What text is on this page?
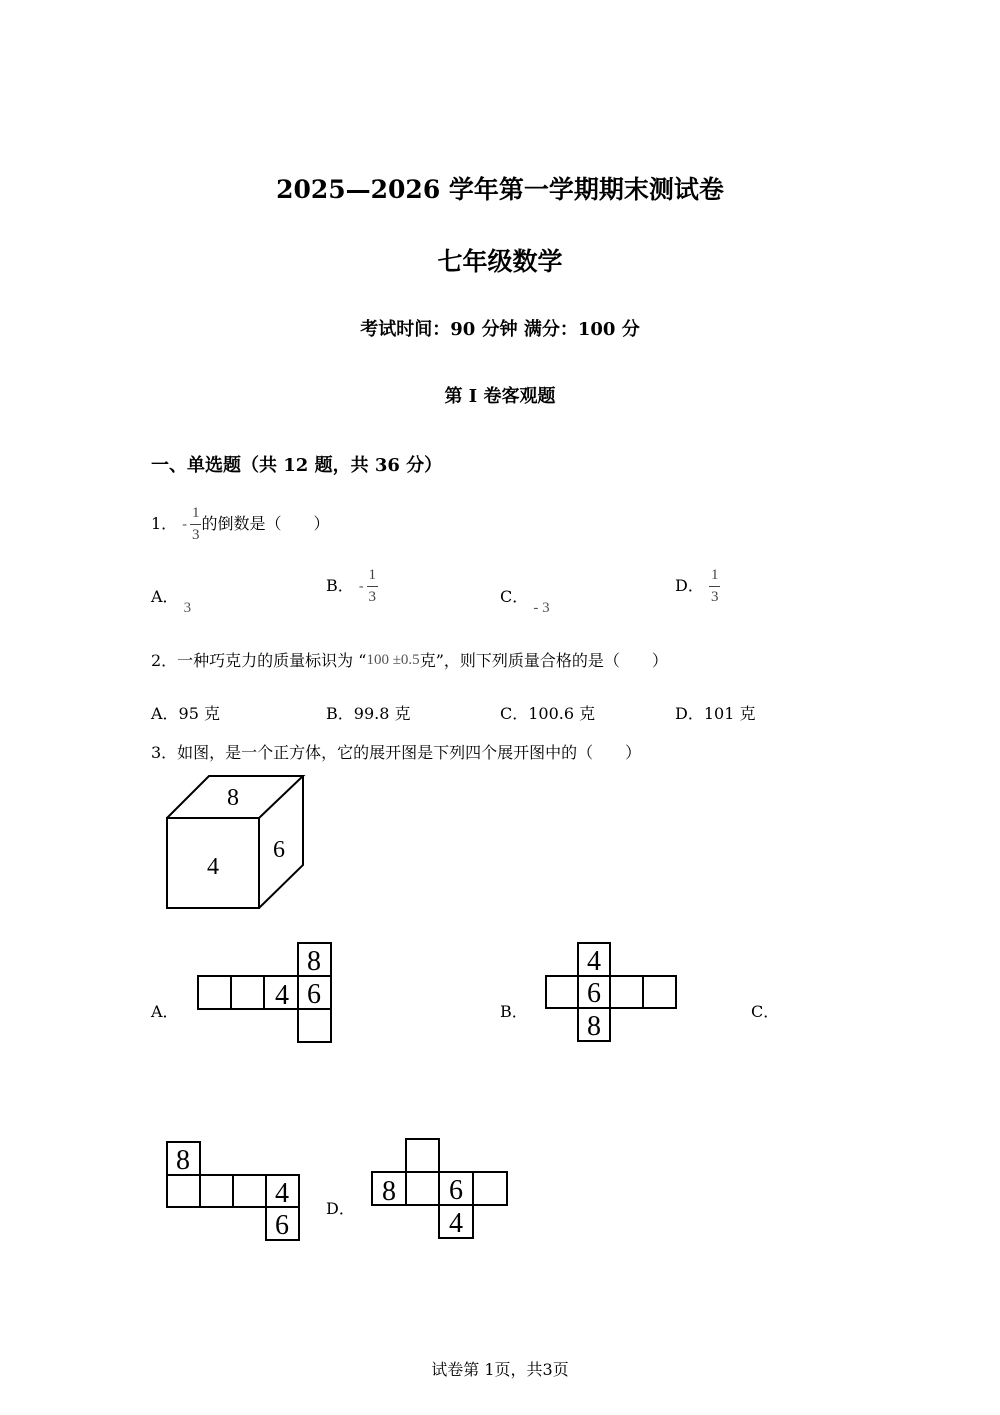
2025—2026 学年第一学期期末测试卷
七年级数学
考试时间：90 分钟 满分：100 分
第 I 卷客观题
一、单选题（共 12 题，共 36 分）
1． - $\frac{1}{3}$ 的倒数是（　　）
A． 3
B． - $\frac{1}{3}$	C． - 3
D． $\frac{1}{3}$
2．一种巧克力的质量标识为 “100 ±0.5克”，则下列质量合格的是（　　）
A．95 克	B．99.8 克	C．100.6 克	D．101 克
3．如图，是一个正方体，它的展开图是下列四个展开图中的（　　）
8
4
6
A．
8
4 6
B．
4
6
8	C．
8
4
6
D．
8 6
4
试卷第 1页，共3页
